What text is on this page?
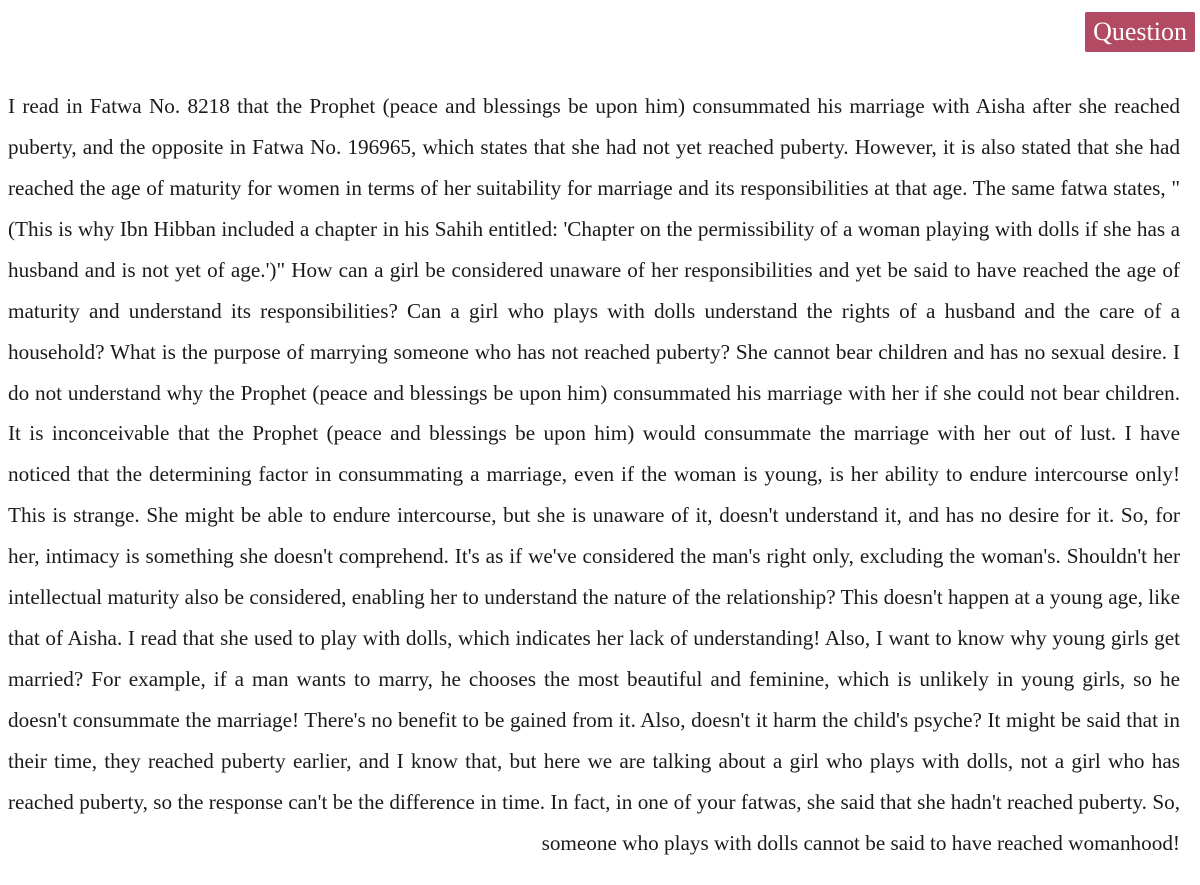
Question

I read in Fatwa No. 8218 that the Prophet (peace and blessings be upon him) consummated his marriage with Aisha after she reached puberty, and the opposite in Fatwa No. 196965, which states that she had not yet reached puberty. However, it is also stated that she had reached the age of maturity for women in terms of her suitability for marriage and its responsibilities at that age. The same fatwa states, "(This is why Ibn Hibban included a chapter in his Sahih entitled: 'Chapter on the permissibility of a woman playing with dolls if she has a husband and is not yet of age.')" How can a girl be considered unaware of her responsibilities and yet be said to have reached the age of maturity and understand its responsibilities? Can a girl who plays with dolls understand the rights of a husband and the care of a household? What is the purpose of marrying someone who has not reached puberty? She cannot bear children and has no sexual desire. I do not understand why the Prophet (peace and blessings be upon him) consummated his marriage with her if she could not bear children. It is inconceivable that the Prophet (peace and blessings be upon him) would consummate the marriage with her out of lust. I have noticed that the determining factor in consummating a marriage, even if the woman is young, is her ability to endure intercourse only! This is strange. She might be able to endure intercourse, but she is unaware of it, doesn't understand it, and has no desire for it. So, for her, intimacy is something she doesn't comprehend. It's as if we've considered the man's right only, excluding the woman's. Shouldn't her intellectual maturity also be considered, enabling her to understand the nature of the relationship? This doesn't happen at a young age, like that of Aisha. I read that she used to play with dolls, which indicates her lack of understanding! Also, I want to know why young girls get married? For example, if a man wants to marry, he chooses the most beautiful and feminine, which is unlikely in young girls, so he doesn't consummate the marriage! There's no benefit to be gained from it. Also, doesn't it harm the child's psyche? It might be said that in their time, they reached puberty earlier, and I know that, but here we are talking about a girl who plays with dolls, not a girl who has reached puberty, so the response can't be the difference in time. In fact, in one of your fatwas, she said that she hadn't reached puberty. So, someone who plays with dolls cannot be said to have reached womanhood!
